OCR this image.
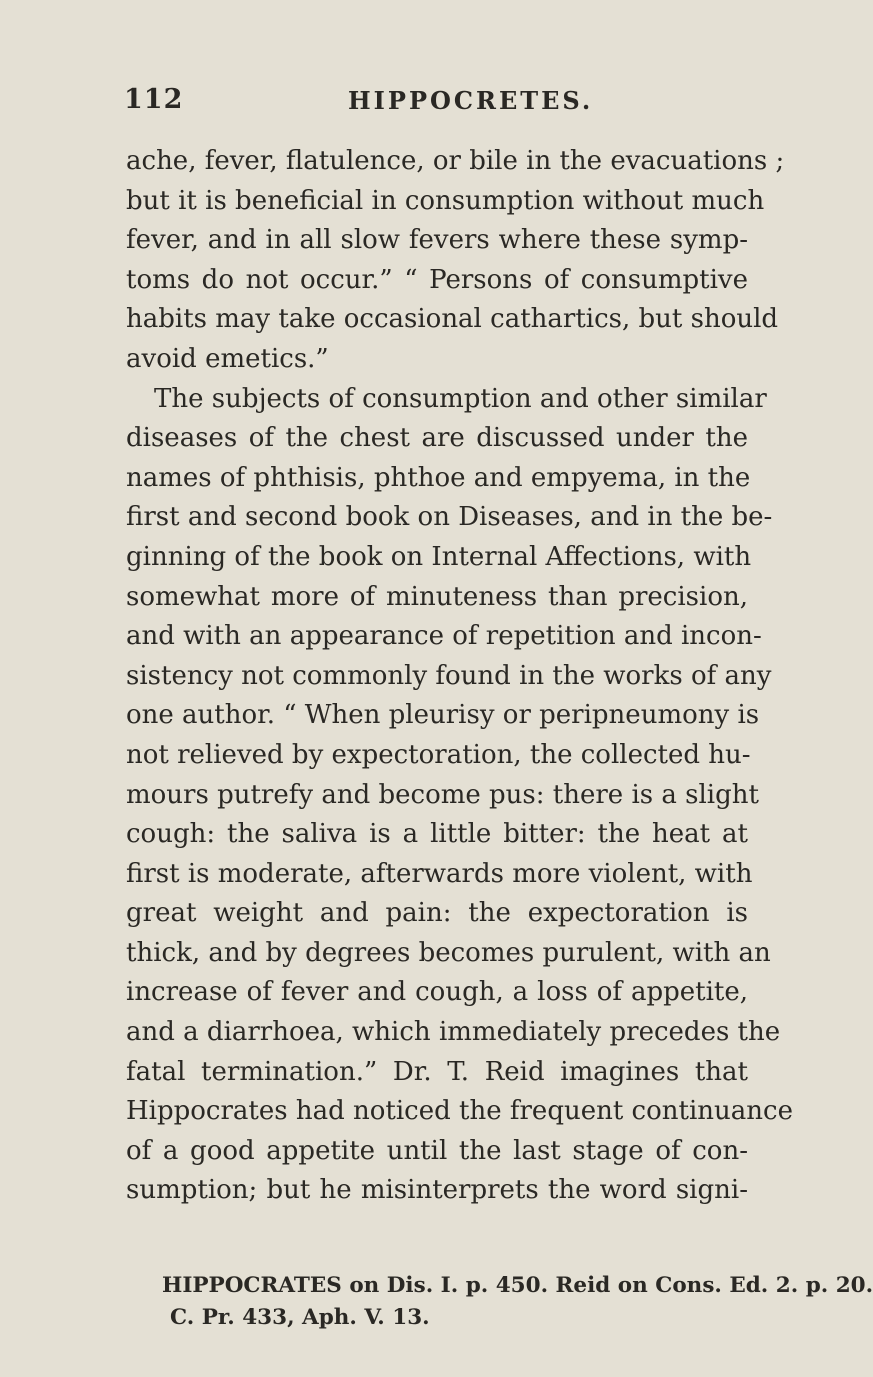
112	HIPPOCRETES.
ache, fever, flatulence, or bile in the evacuations ;
but it is beneficial in consumption without much
fever, and in all slow fevers where these symp-
toms do not occur.” “ Persons of consumptive
habits may take occasional cathartics, but should
avoid emetics.”
The subjects of consumption and other similar
diseases of the chest are discussed under the
names of phthisis, phthoe and empyema, in the
first and second book on Diseases, and in the be-
ginning of the book on Internal Affections, with
somewhat more of minuteness than precision,
and with an appearance of repetition and incon-
sistency not commonly found in the works of any
one author. “ When pleurisy or peripneumony is
not relieved by expectoration, the collected hu-
mours putrefy and become pus: there is a slight
cough: the saliva is a little bitter: the heat at
first is moderate, afterwards more violent, with
great weight and pain: the expectoration is
thick, and by degrees becomes purulent, with an
increase of fever and cough, a loss of appetite,
and a diarrhoea, which immediately precedes the
fatal termination.” Dr. T. Reid imagines that
Hippocrates had noticed the frequent continuance
of a good appetite until the last stage of con-
sumption; but he misinterprets the word signi-
HIPPOCRATES on Dis. I. p. 450. Reid on Cons. Ed. 2. p. 20.
C. Pr. 433, Aph. V. 13.
